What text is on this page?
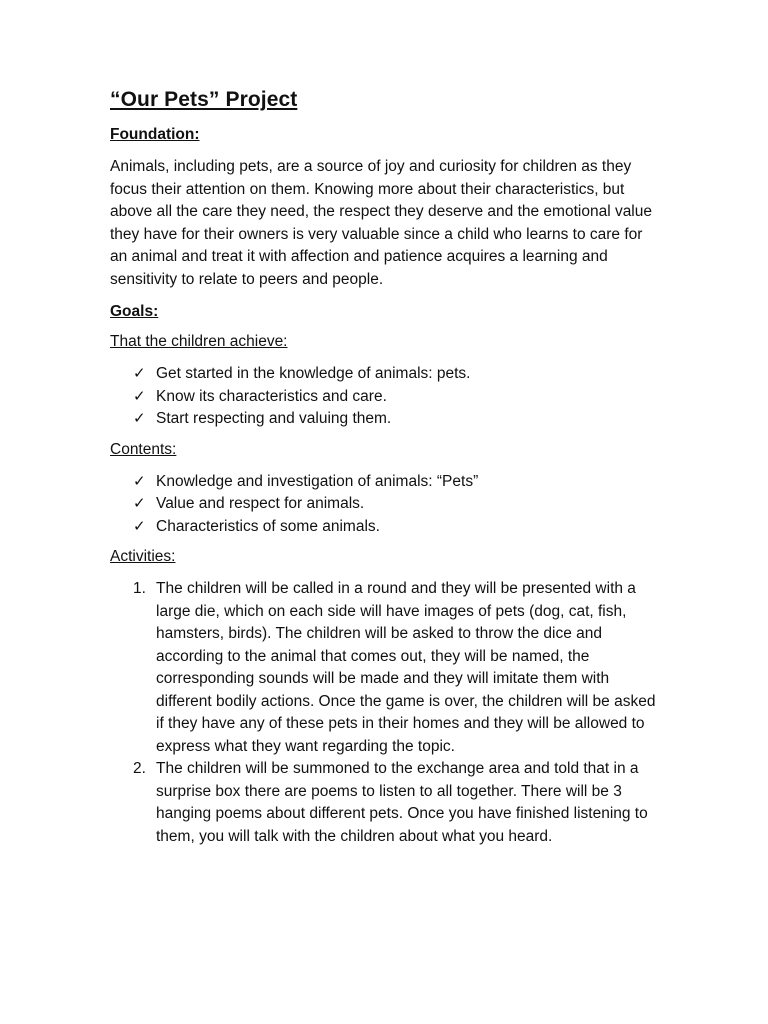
“Our Pets” Project
Foundation:

Animals, including pets, are a source of joy and curiosity for children as they focus their attention on them. Knowing more about their characteristics, but above all the care they need, the respect they deserve and the emotional value they have for their owners is very valuable since a child who learns to care for an animal and treat it with affection and patience acquires a learning and sensitivity to relate to peers and people.

Goals:
That the children achieve:
✓ Get started in the knowledge of animals: pets.
✓ Know its characteristics and care.
✓ Start respecting and valuing them.
Contents:
✓ Knowledge and investigation of animals: “Pets”
✓ Value and respect for animals.
✓ Characteristics of some animals.
Activities:
1. The children will be called in a round and they will be presented with a large die, which on each side will have images of pets (dog, cat, fish, hamsters, birds). The children will be asked to throw the dice and according to the animal that comes out, they will be named, the corresponding sounds will be made and they will imitate them with different bodily actions. Once the game is over, the children will be asked if they have any of these pets in their homes and they will be allowed to express what they want regarding the topic.
2. The children will be summoned to the exchange area and told that in a surprise box there are poems to listen to all together. There will be 3 hanging poems about different pets. Once you have finished listening to them, you will talk with the children about what you heard.
